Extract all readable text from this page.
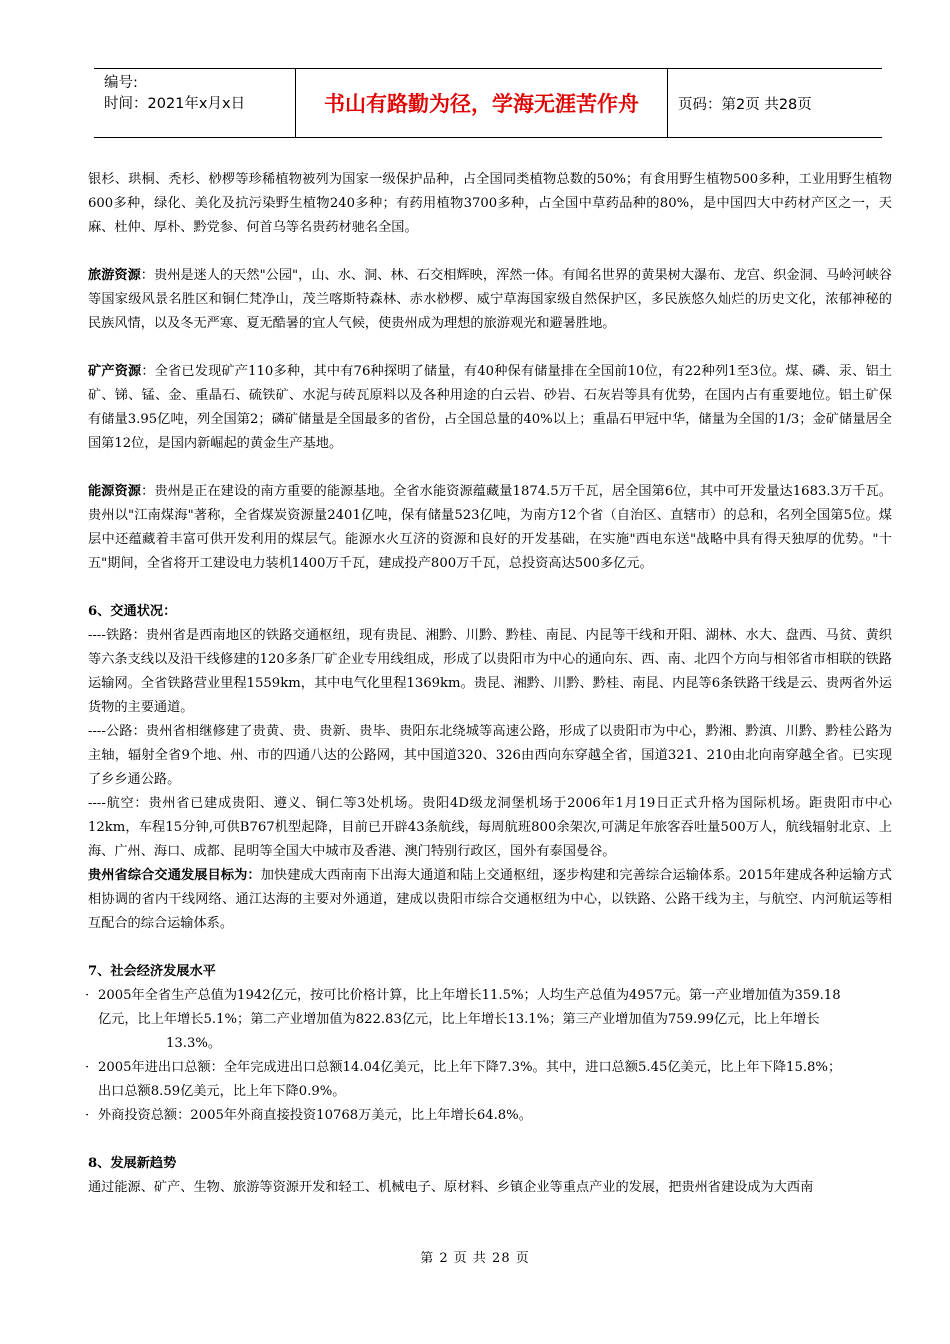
编号:
时间：2021年x月x日	书山有路勤为径，学海无涯苦作舟	页码：第2页 共28页

银杉、珙桐、秃杉、桫椤等珍稀植物被列为国家一级保护品种，占全国同类植物总数的50%；有食用野生植物500多种，工业用野生植物600多种，绿化、美化及抗污染野生植物240多种；有药用植物3700多种，占全国中草药品种的80%，是中国四大中药材产区之一，天麻、杜仲、厚朴、黔党参、何首乌等名贵药材驰名全国。

旅游资源：贵州是迷人的天然"公园"，山、水、洞、林、石交相辉映，浑然一体。有闻名世界的黄果树大瀑布、龙宫、织金洞、马岭河峡谷等国家级风景名胜区和铜仁梵净山，茂兰喀斯特森林、赤水桫椤、威宁草海国家级自然保护区，多民族悠久灿烂的历史文化，浓郁神秘的民族风情，以及冬无严寒、夏无酷暑的宜人气候，使贵州成为理想的旅游观光和避暑胜地。

矿产资源：全省已发现矿产110多种，其中有76种探明了储量，有40种保有储量排在全国前10位，有22种列1至3位。煤、磷、汞、铝土矿、锑、锰、金、重晶石、硫铁矿、水泥与砖瓦原料以及各种用途的白云岩、砂岩、石灰岩等具有优势，在国内占有重要地位。铝土矿保有储量3.95亿吨，列全国第2；磷矿储量是全国最多的省份，占全国总量的40%以上；重晶石甲冠中华，储量为全国的1/3；金矿储量居全国第12位，是国内新崛起的黄金生产基地。

能源资源：贵州是正在建设的南方重要的能源基地。全省水能资源蕴藏量1874.5万千瓦，居全国第6位，其中可开发量达1683.3万千瓦。贵州以"江南煤海"著称，全省煤炭资源量2401亿吨，保有储量523亿吨，为南方12个省（自治区、直辖市）的总和，名列全国第5位。煤层中还蕴藏着丰富可供开发利用的煤层气。能源水火互济的资源和良好的开发基础，在实施"西电东送"战略中具有得天独厚的优势。"十五"期间，全省将开工建设电力装机1400万千瓦，建成投产800万千瓦，总投资高达500多亿元。

6、交通状况：

----铁路：贵州省是西南地区的铁路交通枢纽，现有贵昆、湘黔、川黔、黔桂、南昆、内昆等干线和开阳、湖林、水大、盘西、马贫、黄织等六条支线以及沿干线修建的120多条厂矿企业专用线组成，形成了以贵阳市为中心的通向东、西、南、北四个方向与相邻省市相联的铁路运输网。全省铁路营业里程1559km，其中电气化里程1369km。贵昆、湘黔、川黔、黔桂、南昆、内昆等6条铁路干线是云、贵两省外运货物的主要通道。

----公路：贵州省相继修建了贵黄、贵、贵新、贵毕、贵阳东北绕城等高速公路，形成了以贵阳市为中心，黔湘、黔滇、川黔、黔桂公路为主轴，辐射全省9个地、州、市的四通八达的公路网，其中国道320、326由西向东穿越全省，国道321、210由北向南穿越全省。已实现了乡乡通公路。

----航空：贵州省已建成贵阳、遵义、铜仁等3处机场。贵阳4D级龙洞堡机场于2006年1月19日正式升格为国际机场。距贵阳市中心12km，车程15分钟,可供B767机型起降，目前已开辟43条航线，每周航班800余架次,可满足年旅客吞吐量500万人，航线辐射北京、上海、广州、海口、成都、昆明等全国大中城市及香港、澳门特别行政区，国外有泰国曼谷。

贵州省综合交通发展目标为：加快建成大西南南下出海大通道和陆上交通枢纽，逐步构建和完善综合运输体系。2015年建成各种运输方式相协调的省内干线网络、通江达海的主要对外通道，建成以贵阳市综合交通枢纽为中心，以铁路、公路干线为主，与航空、内河航运等相互配合的综合运输体系。

7、社会经济发展水平

· 2005年全省生产总值为1942亿元，按可比价格计算，比上年增长11.5%；人均生产总值为4957元。第一产业增加值为359.18
亿元，比上年增长5.1%；第二产业增加值为822.83亿元，比上年增长13.1%；第三产业增加值为759.99亿元，比上年增长
13.3%。
· 2005年进出口总额：全年完成进出口总额14.04亿美元，比上年下降7.3%。其中，进口总额5.45亿美元，比上年下降15.8%；
出口总额8.59亿美元，比上年下降0.9%。
· 外商投资总额：2005年外商直接投资10768万美元，比上年增长64.8%。

8、发展新趋势

通过能源、矿产、生物、旅游等资源开发和轻工、机械电子、原材料、乡镇企业等重点产业的发展，把贵州省建设成为大西南

第 2 页 共 28 页
